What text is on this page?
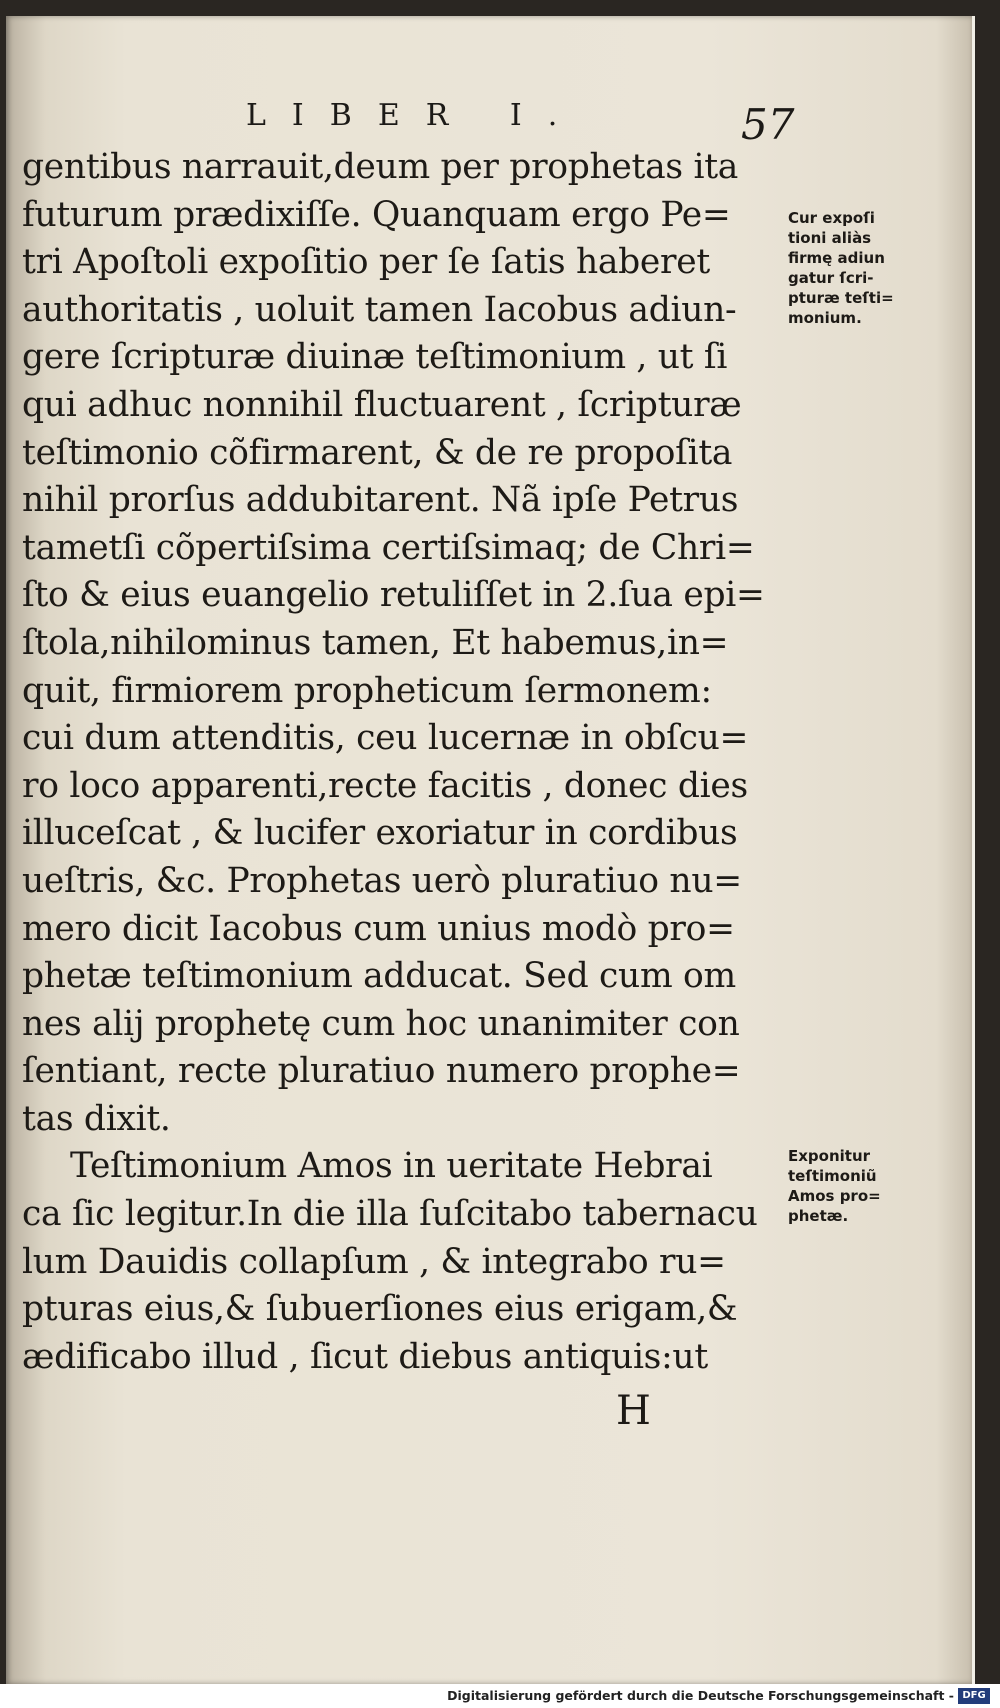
LIBER I.	57
gentibus narrauit,deum per prophetas ita
futurum prædixiſſe. Quanquam ergo Pe=
tri Apoſtoli expoſitio per ſe ſatis haberet
authoritatis , uoluit tamen Iacobus adiun-
gere ſcripturæ diuinæ teſtimonium , ut ſi
qui adhuc nonnihil fluctuarent , ſcripturæ
teſtimonio cõfirmarent, & de re propoſita
nihil prorſus addubitarent. Nã ipſe Petrus
tametſi cõpertiſsima certiſsimaq; de Chri=
ſto & eius euangelio retuliſſet in 2.ſua epi=
ſtola,nihilominus tamen, Et habemus,in=
quit, firmiorem propheticum ſermonem:
cui dum attenditis, ceu lucernæ in obſcu=
ro loco apparenti,recte facitis , donec dies
illuceſcat , & lucifer exoriatur in cordibus
ueſtris, &c. Prophetas uerò pluratiuo nu=
mero dicit Iacobus cum unius modò pro=
phetæ teſtimonium adducat. Sed cum om
nes alij prophetę cum hoc unanimiter con
ſentiant, recte pluratiuo numero prophe=
tas dixit.
Teſtimonium Amos in ueritate Hebrai
ca ſic legitur.In die illa ſuſcitabo tabernacu
lum Dauidis collapſum , & integrabo ru=
pturas eius,& ſubuerſiones eius erigam,&
ædificabo illud , ſicut diebus antiquis:ut
H
Cur expoſi
tioni aliàs
firmę adiun
gatur ſcri-
pturæ teſti=
monium.
Exponitur
teſtimoniũ
Amos pro=
phetæ.
Digitalisierung gefördert durch die Deutsche Forschungsgemeinschaft - DFG
